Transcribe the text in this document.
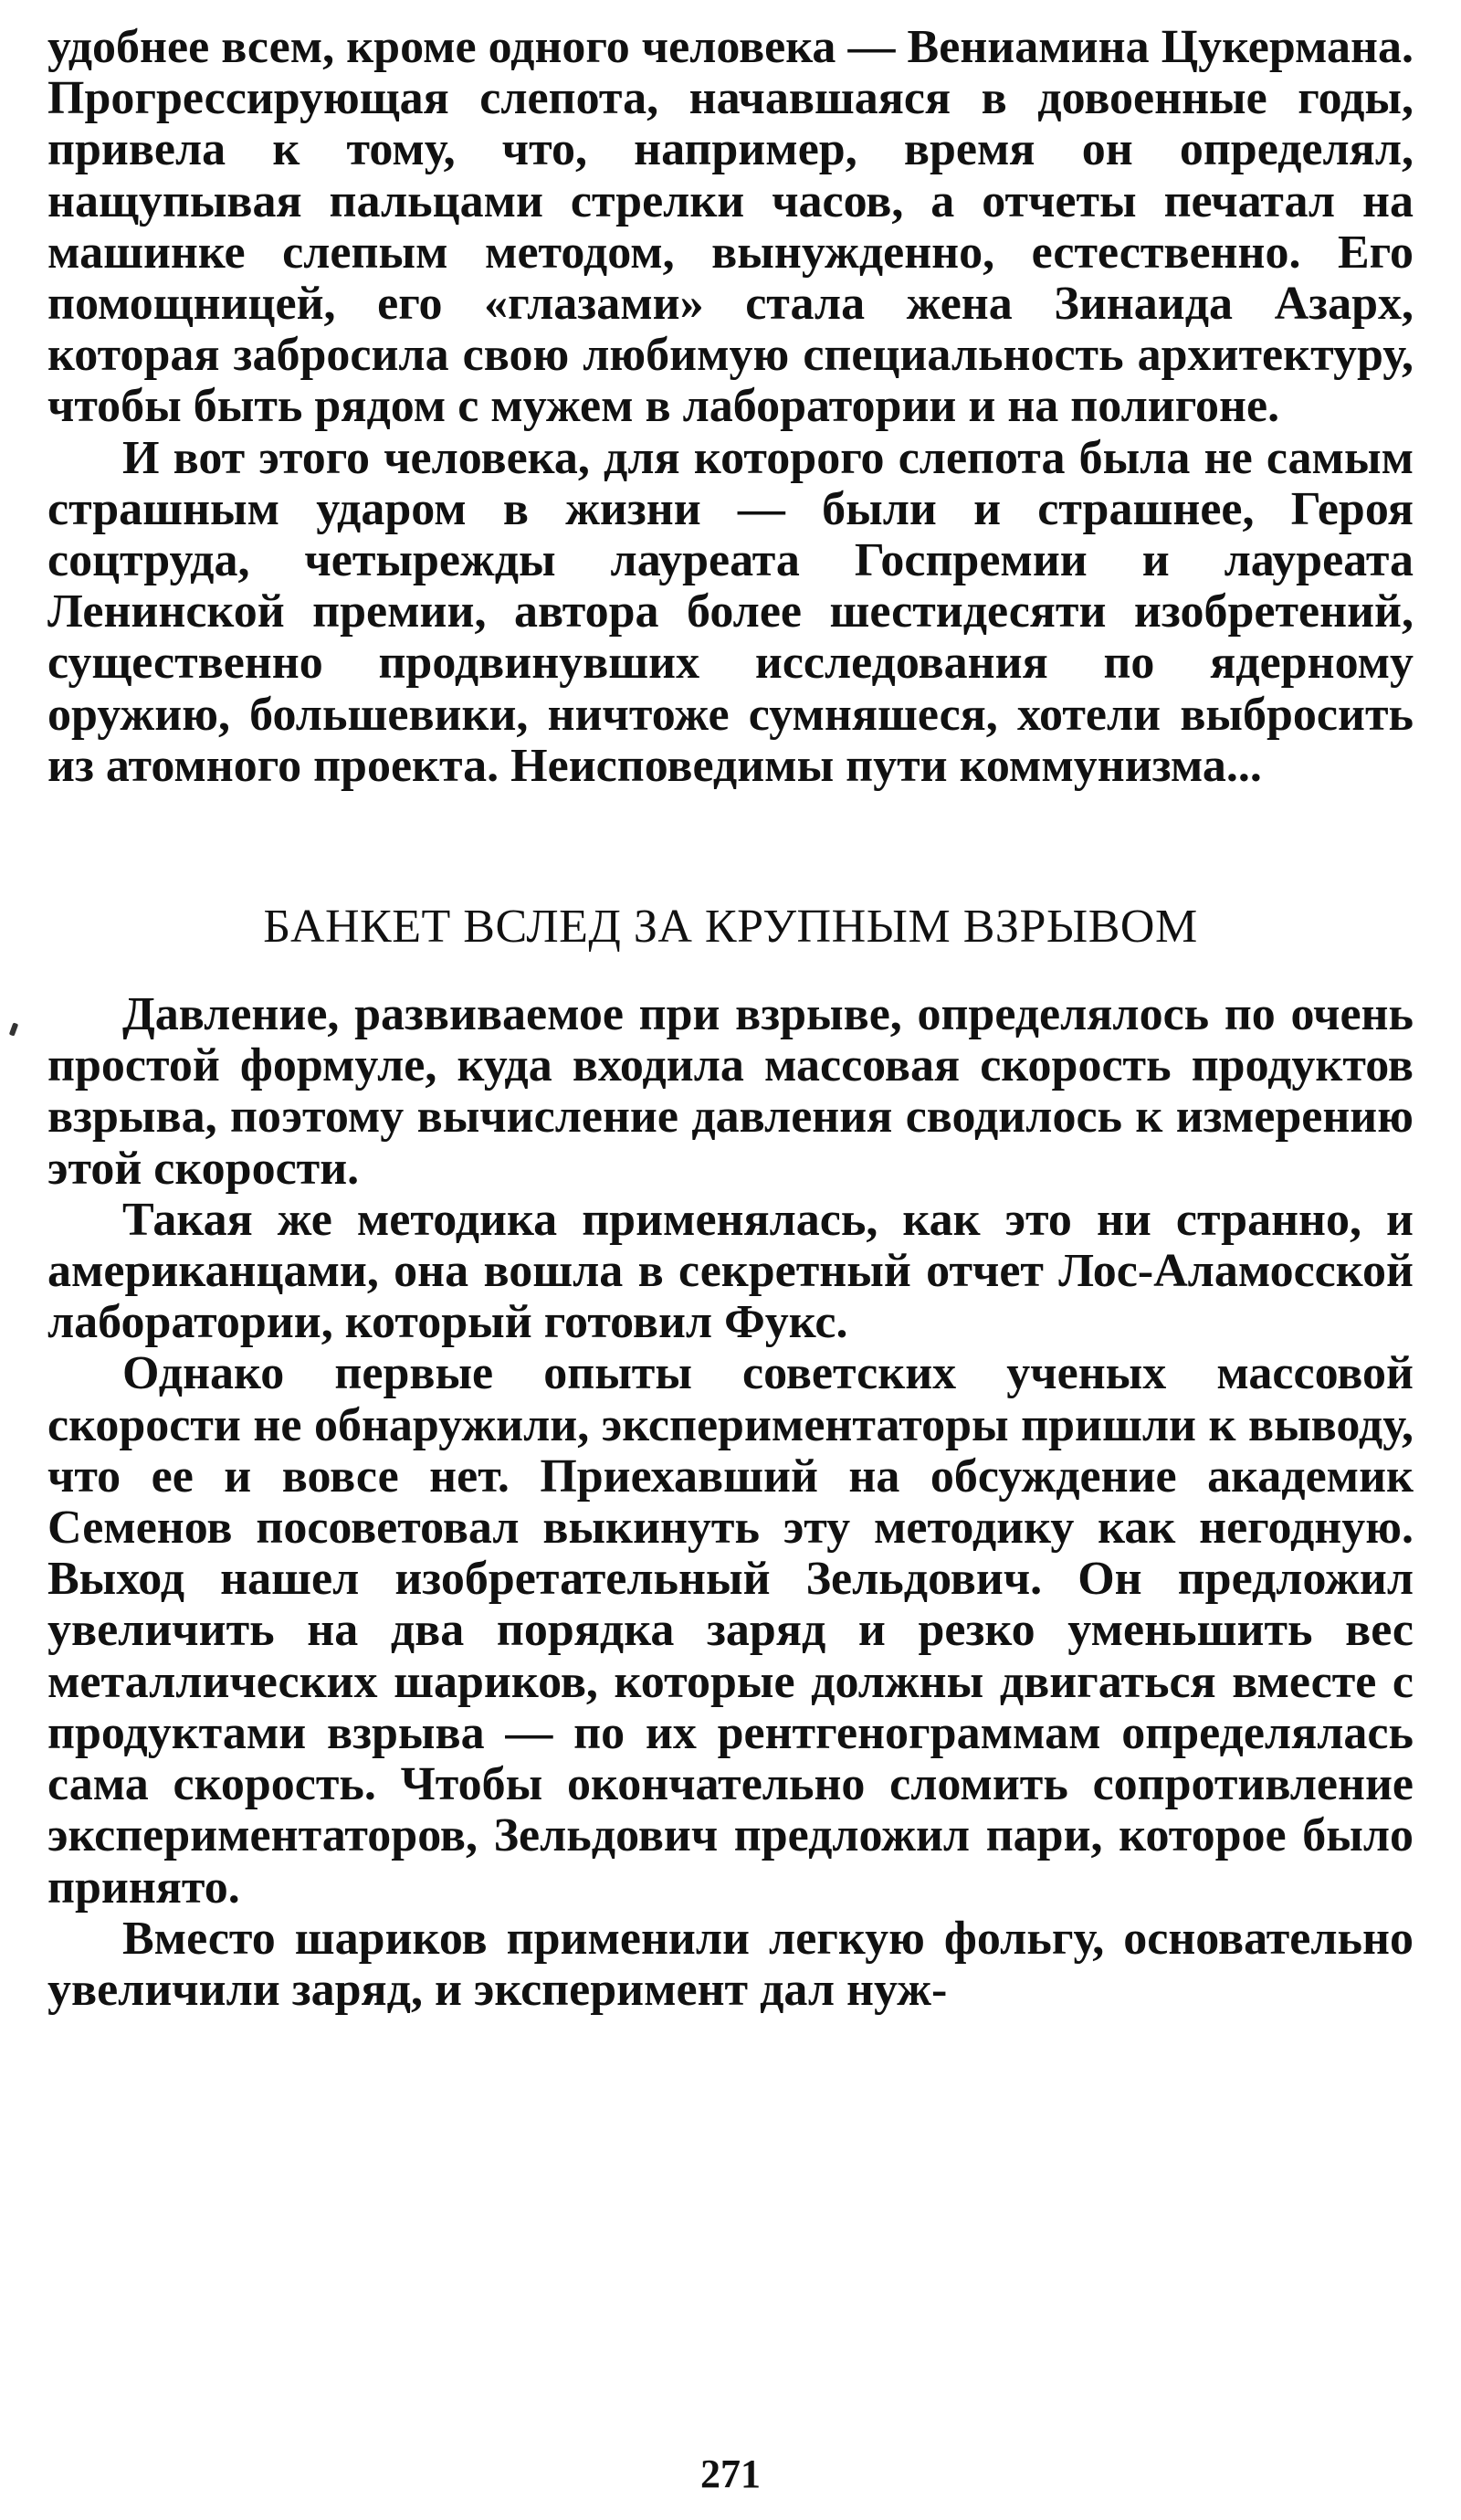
удобнее всем, кроме одного человека — Вениамина Цукермана. Прогрессирующая слепота, начавшаяся в довоенные годы, привела к тому, что, например, время он определял, нащупывая пальцами стрелки часов, а отчеты печатал на машинке слепым методом, вынужденно, естественно. Его помощницей, его «глазами» стала жена Зинаида Азарх, которая забросила свою любимую специальность архитектуру, чтобы быть рядом с мужем в лаборатории и на полигоне.

И вот этого человека, для которого слепота была не самым страшным ударом в жизни — были и страшнее, Героя соцтруда, четырежды лауреата Госпремии и лауреата Ленинской премии, автора более шестидесяти изобретений, существенно продвинувших исследования по ядерному оружию, большевики, ничтоже сумняшеся, хотели выбросить из атомного проекта. Неисповедимы пути коммунизма...

БАНКЕТ ВСЛЕД ЗА КРУПНЫМ ВЗРЫВОМ

Давление, развиваемое при взрыве, определялось по очень простой формуле, куда входила массовая скорость продуктов взрыва, поэтому вычисление давления сводилось к измерению этой скорости.

Такая же методика применялась, как это ни странно, и американцами, она вошла в секретный отчет Лос-Аламосской лаборатории, который готовил Фукс.

Однако первые опыты советских ученых массовой скорости не обнаружили, экспериментаторы пришли к выводу, что ее и вовсе нет. Приехавший на обсуждение академик Семенов посоветовал выкинуть эту методику как негодную. Выход нашел изобретательный Зельдович. Он предложил увеличить на два порядка заряд и резко уменьшить вес металлических шариков, которые должны двигаться вместе с продуктами взрыва — по их рентгенограммам определялась сама скорость. Чтобы окончательно сломить сопротивление экспериментаторов, Зельдович предложил пари, которое было принято.

Вместо шариков применили легкую фольгу, основательно увеличили заряд, и эксперимент дал нуж-

271
